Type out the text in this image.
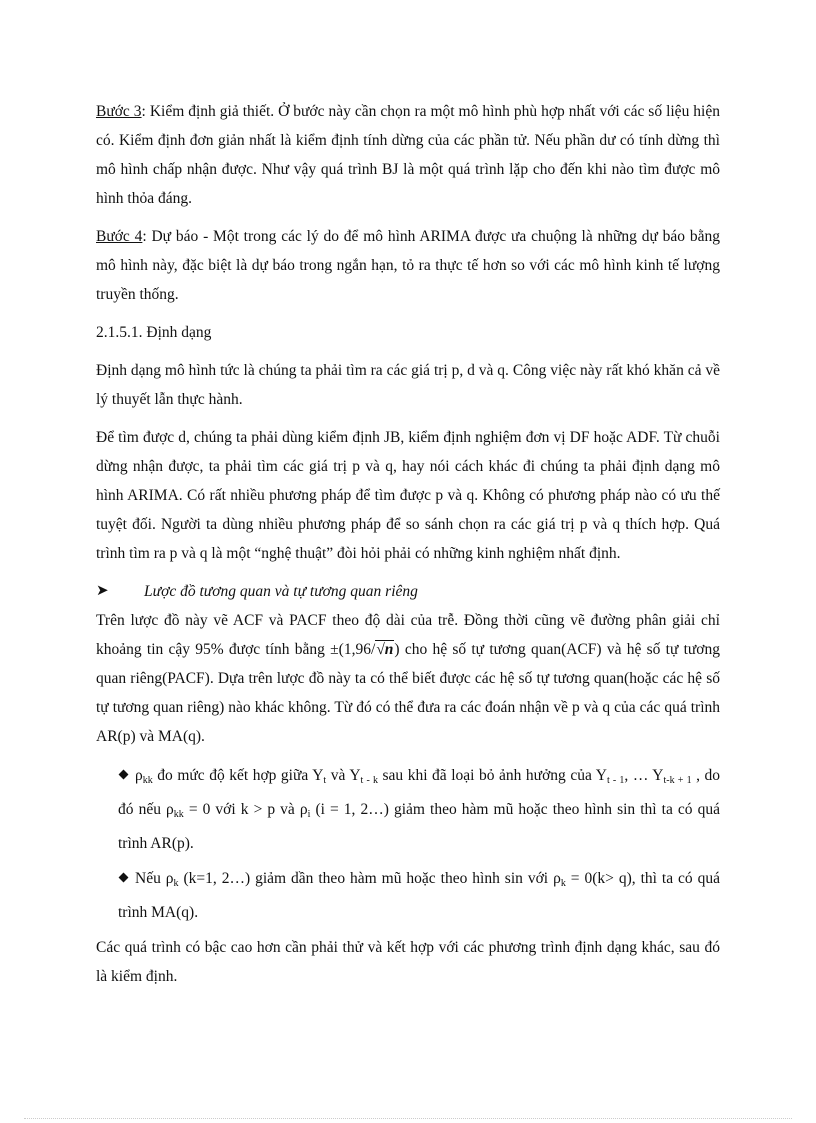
Bước 3: Kiểm định giả thiết. Ở bước này cần chọn ra một mô hình phù hợp nhất với các số liệu hiện có. Kiểm định đơn giản nhất là kiểm định tính dừng của các phần tử. Nếu phần dư có tính dừng thì mô hình chấp nhận được. Như vậy quá trình BJ là một quá trình lặp cho đến khi nào tìm được mô hình thỏa đáng.

Bước 4: Dự báo - Một trong các lý do để mô hình ARIMA được ưa chuộng là những dự báo bằng mô hình này, đặc biệt là dự báo trong ngắn hạn, tỏ ra thực tế hơn so với các mô hình kinh tế lượng truyền thống.

2.1.5.1. Định dạng

Định dạng mô hình tức là chúng ta phải tìm ra các giá trị p, d và q. Công việc này rất khó khăn cả về lý thuyết lẫn thực hành.

Để tìm được d, chúng ta phải dùng kiểm định JB, kiểm định nghiệm đơn vị DF hoặc ADF. Từ chuỗi dừng nhận được, ta phải tìm các giá trị p và q, hay nói cách khác đi chúng ta phải định dạng mô hình ARIMA. Có rất nhiều phương pháp để tìm được p và q. Không có phương pháp nào có ưu thế tuyệt đối. Người ta dùng nhiều phương pháp để so sánh chọn ra các giá trị p và q thích hợp. Quá trình tìm ra p và q là một “nghệ thuật” đòi hỏi phải có những kinh nghiệm nhất định.

➤	Lược đồ tương quan và tự tương quan riêng

Trên lược đồ này vẽ ACF và PACF theo độ dài của trễ. Đồng thời cũng vẽ đường phân giải chỉ khoảng tin cậy 95% được tính bằng ±(1,96/√n) cho hệ số tự tương quan(ACF) và hệ số tự tương quan riêng(PACF). Dựa trên lược đồ này ta có thể biết được các hệ số tự tương quan(hoặc các hệ số tự tương quan riêng) nào khác không. Từ đó có thể đưa ra các đoán nhận về p và q của các quá trình AR(p) và MA(q).

$\rho_{kk}$ đo mức độ kết hợp giữa $Y_t$ và $Y_{t - k}$ sau khi đã loại bỏ ảnh hưởng của $Y_{t - 1}$, … $Y_{t-k + 1}$ , do đó nếu $\rho_{kk} = 0$ với k > p và $\rho_i$ (i = 1, 2…) giảm theo hàm mũ hoặc theo hình sin thì ta có quá trình AR(p).

Nếu $\rho_k$ (k=1, 2…) giảm dần theo hàm mũ hoặc theo hình sin với $\rho_k = 0(k> q)$, thì ta có quá trình MA(q).

Các quá trình có bậc cao hơn cần phải thử và kết hợp với các phương trình định dạng khác, sau đó là kiểm định.
